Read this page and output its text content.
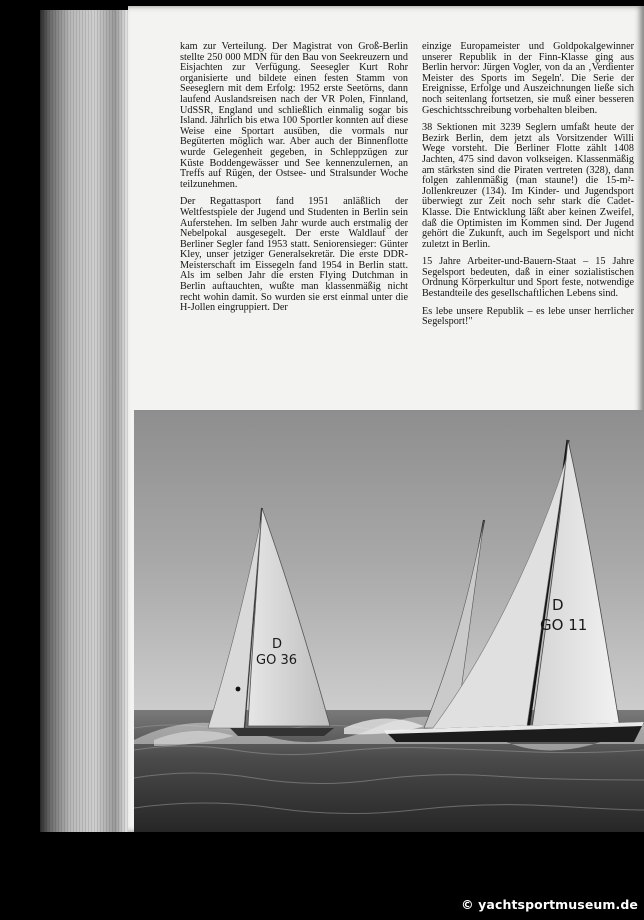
kam zur Verteilung. Der Magistrat von Groß-Berlin stellte 250 000 MDN für den Bau von Seekreuzern und Eisjachten zur Verfügung. Seesegler Kurt Rohr organisierte und bildete einen festen Stamm von Seeseglern mit dem Erfolg: 1952 erste Seetörns, dann laufend Auslandsreisen nach der VR Polen, Finnland, UdSSR, England und schließlich einmalig sogar bis Island. Jährlich bis etwa 100 Sportler konnten auf diese Weise eine Sportart ausüben, die vormals nur Begüterten möglich war. Aber auch der Binnenflotte wurde Gelegenheit gegeben, in Schleppzügen zur Küste Boddengewässer und See kennenzulernen, an Treffs auf Rügen, der Ostsee- und Stralsunder Woche teilzunehmen.

Der Regattasport fand 1951 anläßlich der Weltfestspiele der Jugend und Studenten in Berlin sein Auferstehen. Im selben Jahr wurde auch erstmalig der Nebelpokal ausgesegelt. Der erste Waldlauf der Berliner Segler fand 1953 statt. Seniorensieger: Günter Kley, unser jetziger Generalsekretär. Die erste DDR-Meisterschaft im Eissegeln fand 1954 in Berlin statt. Als im selben Jahr die ersten Flying Dutchman in Berlin auftauchten, wußte man klassenmäßig nicht recht wohin damit. So wurden sie erst einmal unter die H-Jollen eingruppiert. Der

einzige Europameister und Goldpokalgewinner unserer Republik in der Finn-Klasse ging aus Berlin hervor: Jürgen Vogler, von da an ‚Verdienter Meister des Sports im Segeln'. Die Serie der Ereignisse, Erfolge und Auszeichnungen ließe sich noch seitenlang fortsetzen, sie muß einer besseren Geschichtsschreibung vorbehalten bleiben.

38 Sektionen mit 3239 Seglern umfaßt heute der Bezirk Berlin, dem jetzt als Vorsitzender Willi Wege vorsteht. Die Berliner Flotte zählt 1408 Jachten, 475 sind davon volkseigen. Klassenmäßig am stärksten sind die Piraten vertreten (328), dann folgen zahlenmäßig (man staune!) die 15-m²-Jollenkreuzer (134). Im Kinder- und Jugendsport überwiegt zur Zeit noch sehr stark die Cadet-Klasse. Die Entwicklung läßt aber keinen Zweifel, daß die Optimisten im Kommen sind. Der Jugend gehört die Zukunft, auch im Segelsport und nicht zuletzt in Berlin.

15 Jahre Arbeiter-und-Bauern-Staat – 15 Jahre Segelsport bedeuten, daß in einer sozialistischen Ordnung Körperkultur und Sport feste, notwendige Bestandteile des gesellschaftlichen Lebens sind.

Es lebe unsere Republik – es lebe unser herrlicher Segelsport!"

D
GO 36
D
GO 11
© yachtsportmuseum.de
